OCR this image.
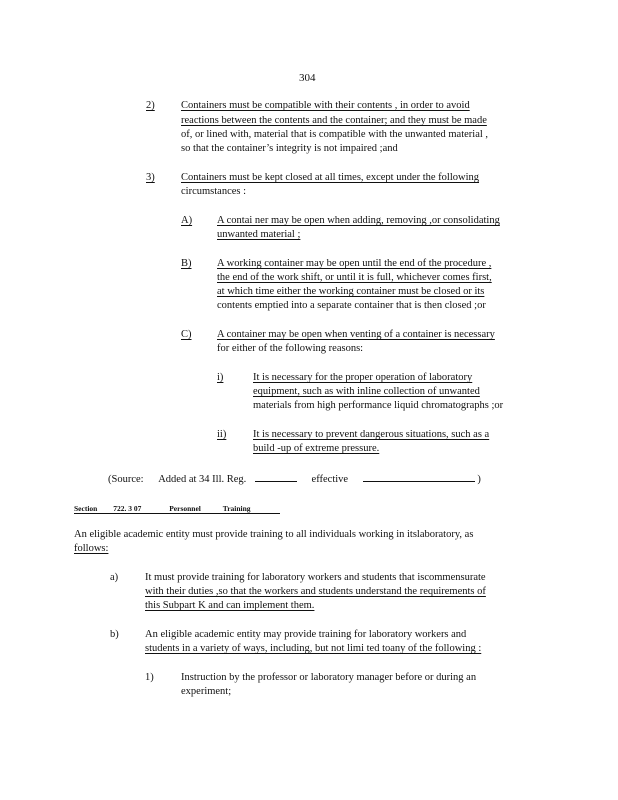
304
2)	Containers must be compatible with their contents , in order to avoid
reactions between the contents and the container; and they must be made
of, or lined with, material that is compatible with the unwanted material ,
so that the container’s integrity is not impaired ;and
3)	Containers must be kept closed at all times, except under the following
circumstances :
A) A contai ner may be open when adding, removing ,or consolidating
unwanted material ;
B) A working container may be open until the end of the procedure ,
the end of the work shift, or until it is full, whichever comes first,
at which time either the working container must be closed or its
contents emptied into a separate container that is then closed ;or
C) A container may be open when venting of a container is necessary
for either of the following reasons:
i)	It is necessary for the proper operation of laboratory
equipment, such as with inline collection of unwanted
materials from high performance liquid chromatographs ;or
ii)	It is necessary to prevent dangerous situations, such as a
build -up of extreme pressure.
(Source: Added at 34 Ill. Reg.	effective	)
Section 722. 3 07	Personnel	Training
An eligible academic entity must provide training to all individuals working in itslaboratory, as
follows:
a)	It must provide training for laboratory workers and students that iscommensurate
with their duties ,so that the workers and students understand the requirements of
this Subpart K and can implement them.
b)	An eligible academic entity may provide training for laboratory workers and
students in a variety of ways, including, but not limi ted toany of the following :
1)	Instruction by the professor or laboratory manager before or during an
experiment;
